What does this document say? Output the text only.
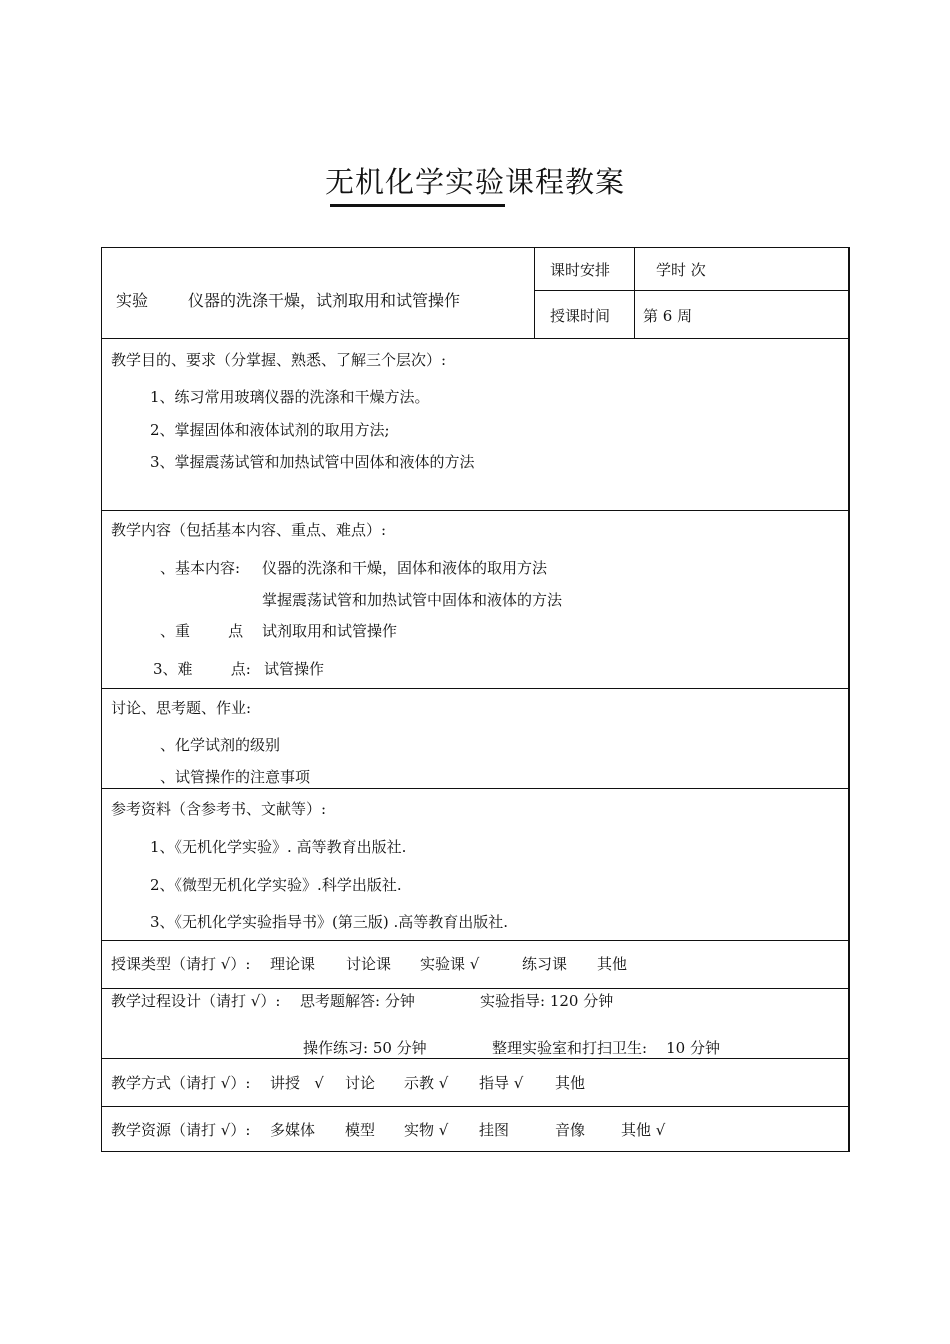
无机化学实验课程教案
实验 仪器的洗涤干燥，试剂取用和试管操作
课时安排	学时 次
授课时间 第 6 周
教学目的、要求（分掌握、熟悉、了解三个层次）:
1、练习常用玻璃仪器的洗涤和干燥方法。
2、掌握固体和液体试剂的取用方法;
3、掌握震荡试管和加热试管中固体和液体的方法
教学内容（包括基本内容、重点、难点）:
、基本内容: 仪器的洗涤和干燥，固体和液体的取用方法
掌握震荡试管和加热试管中固体和液体的方法
、重        点 试剂取用和试管操作
3、难        点: 试管操作
讨论、思考题、作业:
、化学试剂的级别
、试管操作的注意事项
参考资料（含参考书、文献等）:
1、《无机化学实验》. 高等教育出版社.
2、《微型无机化学实验》.科学出版社.
3、《无机化学实验指导书》(第三版) .高等教育出版社.
授课类型（请打 √）: 理论课 讨论课 实验课 √	练习课 其他
教学过程设计（请打 √）: 思考题解答: 分钟	实验指导: 120 分钟
操作练习: 50 分钟	整理实验室和打扫卫生:    10 分钟
教学方式（请打 √）: 讲授   √ 讨论 示教 √ 指导 √ 其他
教学资源（请打 √）: 多媒体 模型 实物 √ 挂图	音像 其他 √
